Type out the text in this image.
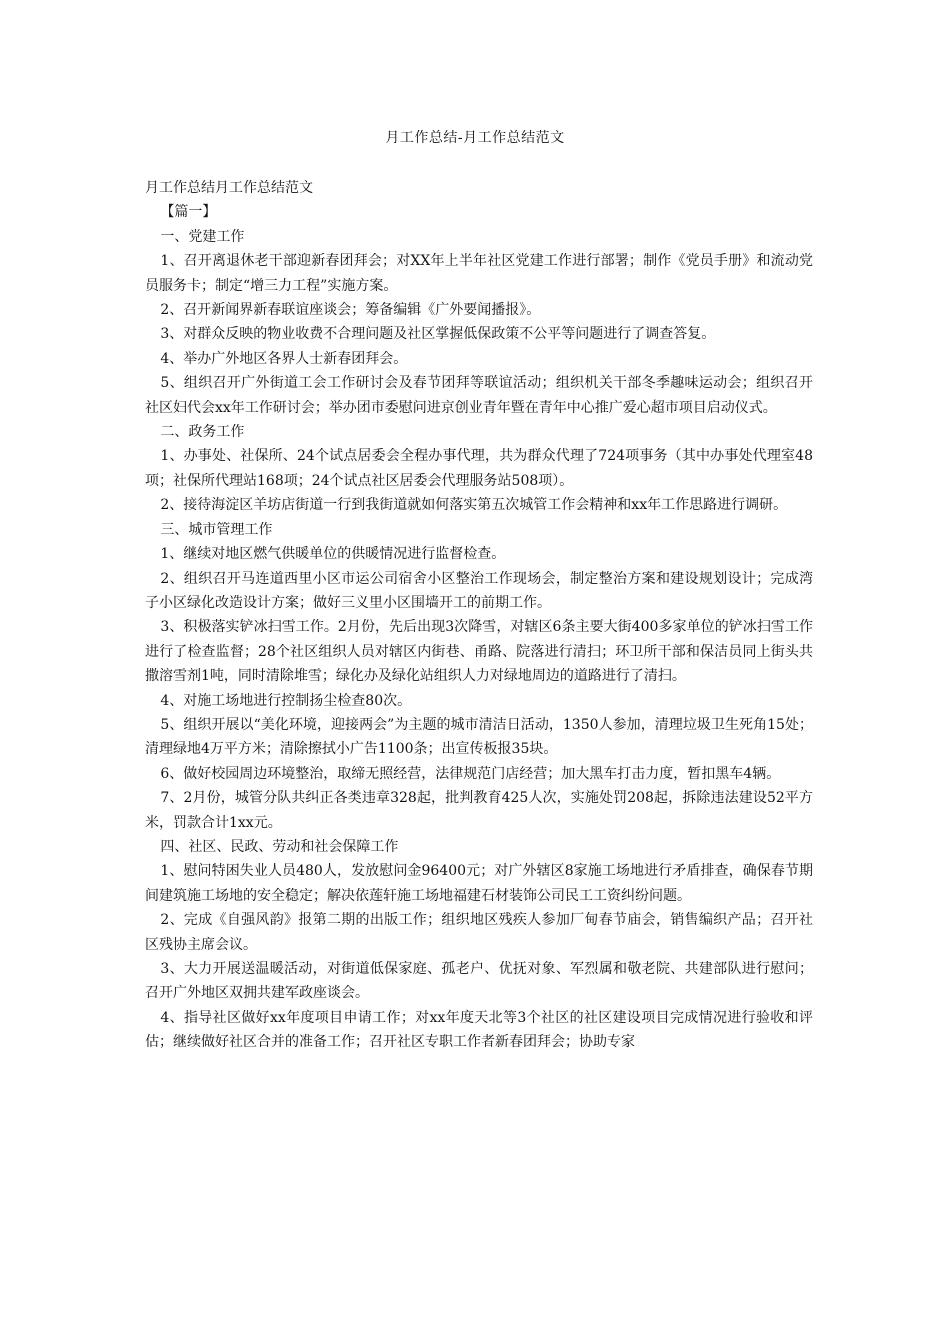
月工作总结-月工作总结范文

月工作总结月工作总结范文

【篇一】

一、党建工作

1、召开离退休老干部迎新春团拜会；对XX年上半年社区党建工作进行部署；制作《党员手册》和流动党员服务卡；制定“增三力工程”实施方案。

2、召开新闻界新春联谊座谈会；筹备编辑《广外要闻播报》。

3、对群众反映的物业收费不合理问题及社区掌握低保政策不公平等问题进行了调查答复。

4、举办广外地区各界人士新春团拜会。

5、组织召开广外街道工会工作研讨会及春节团拜等联谊活动；组织机关干部冬季趣味运动会；组织召开社区妇代会xx年工作研讨会；举办团市委慰问进京创业青年暨在青年中心推广爱心超市项目启动仪式。

二、政务工作

1、办事处、社保所、24个试点居委会全程办事代理，共为群众代理了724项事务（其中办事处代理室48项；社保所代理站168项；24个试点社区居委会代理服务站508项）。

2、接待海淀区羊坊店街道一行到我街道就如何落实第五次城管工作会精神和xx年工作思路进行调研。

三、城市管理工作

1、继续对地区燃气供暖单位的供暖情况进行监督检查。

2、组织召开马连道西里小区市运公司宿舍小区整治工作现场会，制定整治方案和建设规划设计；完成湾子小区绿化改造设计方案；做好三义里小区围墙开工的前期工作。

3、积极落实铲冰扫雪工作。2月份，先后出现3次降雪，对辖区6条主要大街400多家单位的铲冰扫雪工作进行了检查监督；28个社区组织人员对辖区内街巷、甬路、院落进行清扫；环卫所干部和保洁员同上街头共撒溶雪剂1吨，同时清除堆雪；绿化办及绿化站组织人力对绿地周边的道路进行了清扫。

4、对施工场地进行控制扬尘检查80次。

5、组织开展以“美化环境，迎接两会”为主题的城市清洁日活动，1350人参加，清理垃圾卫生死角15处；清理绿地4万平方米；清除擦拭小广告1100条；出宣传板报35块。

6、做好校园周边环境整治，取缔无照经营，法律规范门店经营；加大黑车打击力度，暂扣黑车4辆。

7、2月份，城管分队共纠正各类违章328起，批判教育425人次，实施处罚208起，拆除违法建设52平方米，罚款合计1xx元。

四、社区、民政、劳动和社会保障工作

1、慰问特困失业人员480人，发放慰问金96400元；对广外辖区8家施工场地进行矛盾排查，确保春节期间建筑施工场地的安全稳定；解决依莲轩施工场地福建石材装饰公司民工工资纠纷问题。

2、完成《自强风韵》报第二期的出版工作；组织地区残疾人参加厂甸春节庙会，销售编织产品；召开社区残协主席会议。

3、大力开展送温暖活动，对街道低保家庭、孤老户、优抚对象、军烈属和敬老院、共建部队进行慰问；召开广外地区双拥共建军政座谈会。

4、指导社区做好xx年度项目申请工作；对xx年度天北等3个社区的社区建设项目完成情况进行验收和评估；继续做好社区合并的准备工作；召开社区专职工作者新春团拜会；协助专家
